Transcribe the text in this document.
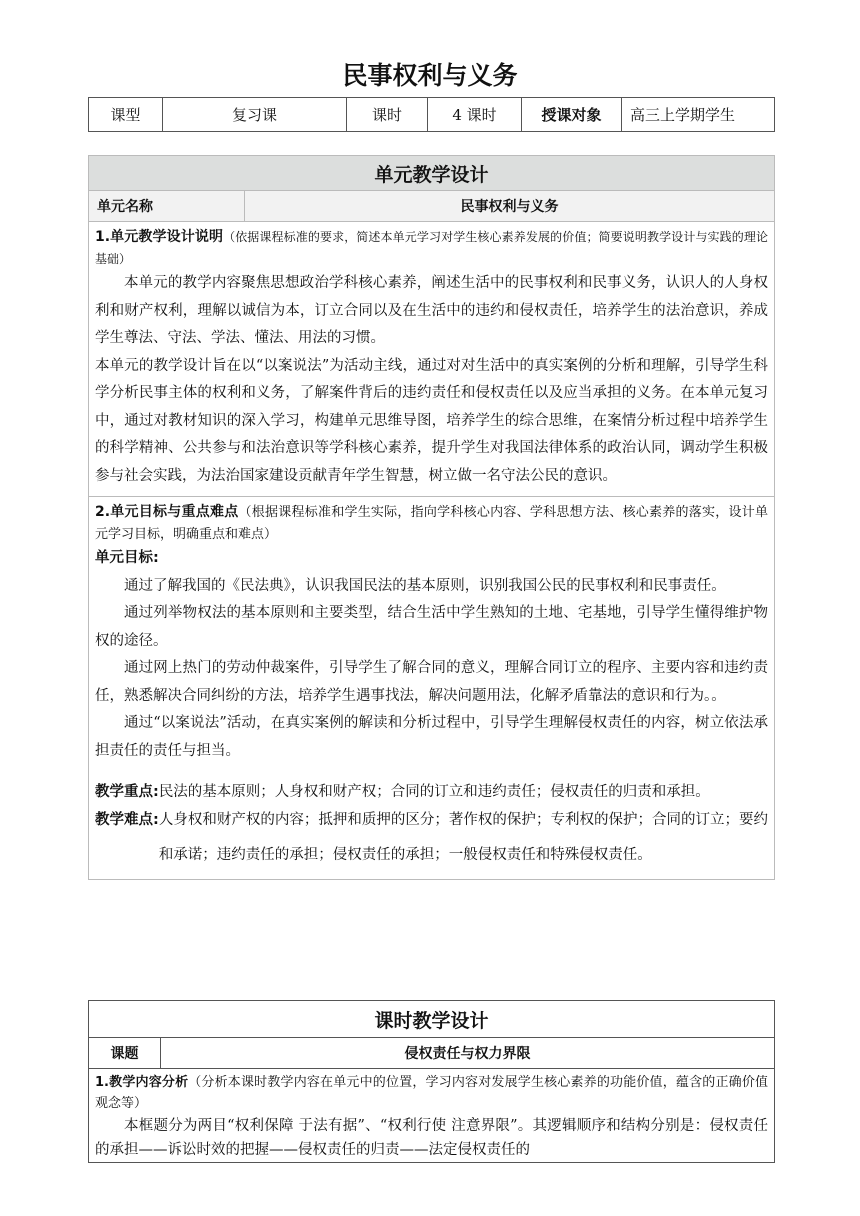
民事权利与义务
课型	复习课	课时	4 课时	授课对象	高三上学期学生
单元教学设计
单元名称	民事权利与义务

1.单元教学设计说明（依据课程标准的要求，简述本单元学习对学生核心素养发展的价值；简要说明教学设计与实践的理论基础）

本单元的教学内容聚焦思想政治学科核心素养，阐述生活中的民事权利和民事义务，认识人的人身权利和财产权利，理解以诚信为本，订立合同以及在生活中的违约和侵权责任，培养学生的法治意识，养成学生尊法、守法、学法、懂法、用法的习惯。

本单元的教学设计旨在以“以案说法”为活动主线，通过对对生活中的真实案例的分析和理解，引导学生科学分析民事主体的权利和义务，了解案件背后的违约责任和侵权责任以及应当承担的义务。在本单元复习中，通过对教材知识的深入学习，构建单元思维导图，培养学生的综合思维，在案情分析过程中培养学生的科学精神、公共参与和法治意识等学科核心素养，提升学生对我国法律体系的政治认同，调动学生积极参与社会实践，为法治国家建设贡献青年学生智慧，树立做一名守法公民的意识。

2.单元目标与重点难点（根据课程标准和学生实际，指向学科核心内容、学科思想方法、核心素养的落实，设计单元学习目标，明确重点和难点）

单元目标:

通过了解我国的《民法典》，认识我国民法的基本原则，识别我国公民的民事权利和民事责任。

通过列举物权法的基本原则和主要类型，结合生活中学生熟知的土地、宅基地，引导学生懂得维护物权的途径。

通过网上热门的劳动仲裁案件，引导学生了解合同的意义，理解合同订立的程序、主要内容和违约责任，熟悉解决合同纠纷的方法，培养学生遇事找法，解决问题用法，化解矛盾靠法的意识和行为。。

通过“以案说法”活动，在真实案例的解读和分析过程中，引导学生理解侵权责任的内容，树立依法承担责任的责任与担当。

教学重点:民法的基本原则；人身权和财产权；合同的订立和违约责任；侵权责任的归责和承担。

教学难点: 人身权和财产权的内容；抵押和质押的区分；著作权的保护；专利权的保护；合同的订立；要约和承诺；违约责任的承担；侵权责任的承担；一般侵权责任和特殊侵权责任。
课时教学设计
课题	侵权责任与权力界限

1.教学内容分析（分析本课时教学内容在单元中的位置，学习内容对发展学生核心素养的功能价值，蕴含的正确价值观念等）

本框题分为两目“权利保障 于法有据”、“权利行使 注意界限”。其逻辑顺序和结构分别是：侵权责任的承担——诉讼时效的把握——侵权责任的归责——法定侵权责任的
